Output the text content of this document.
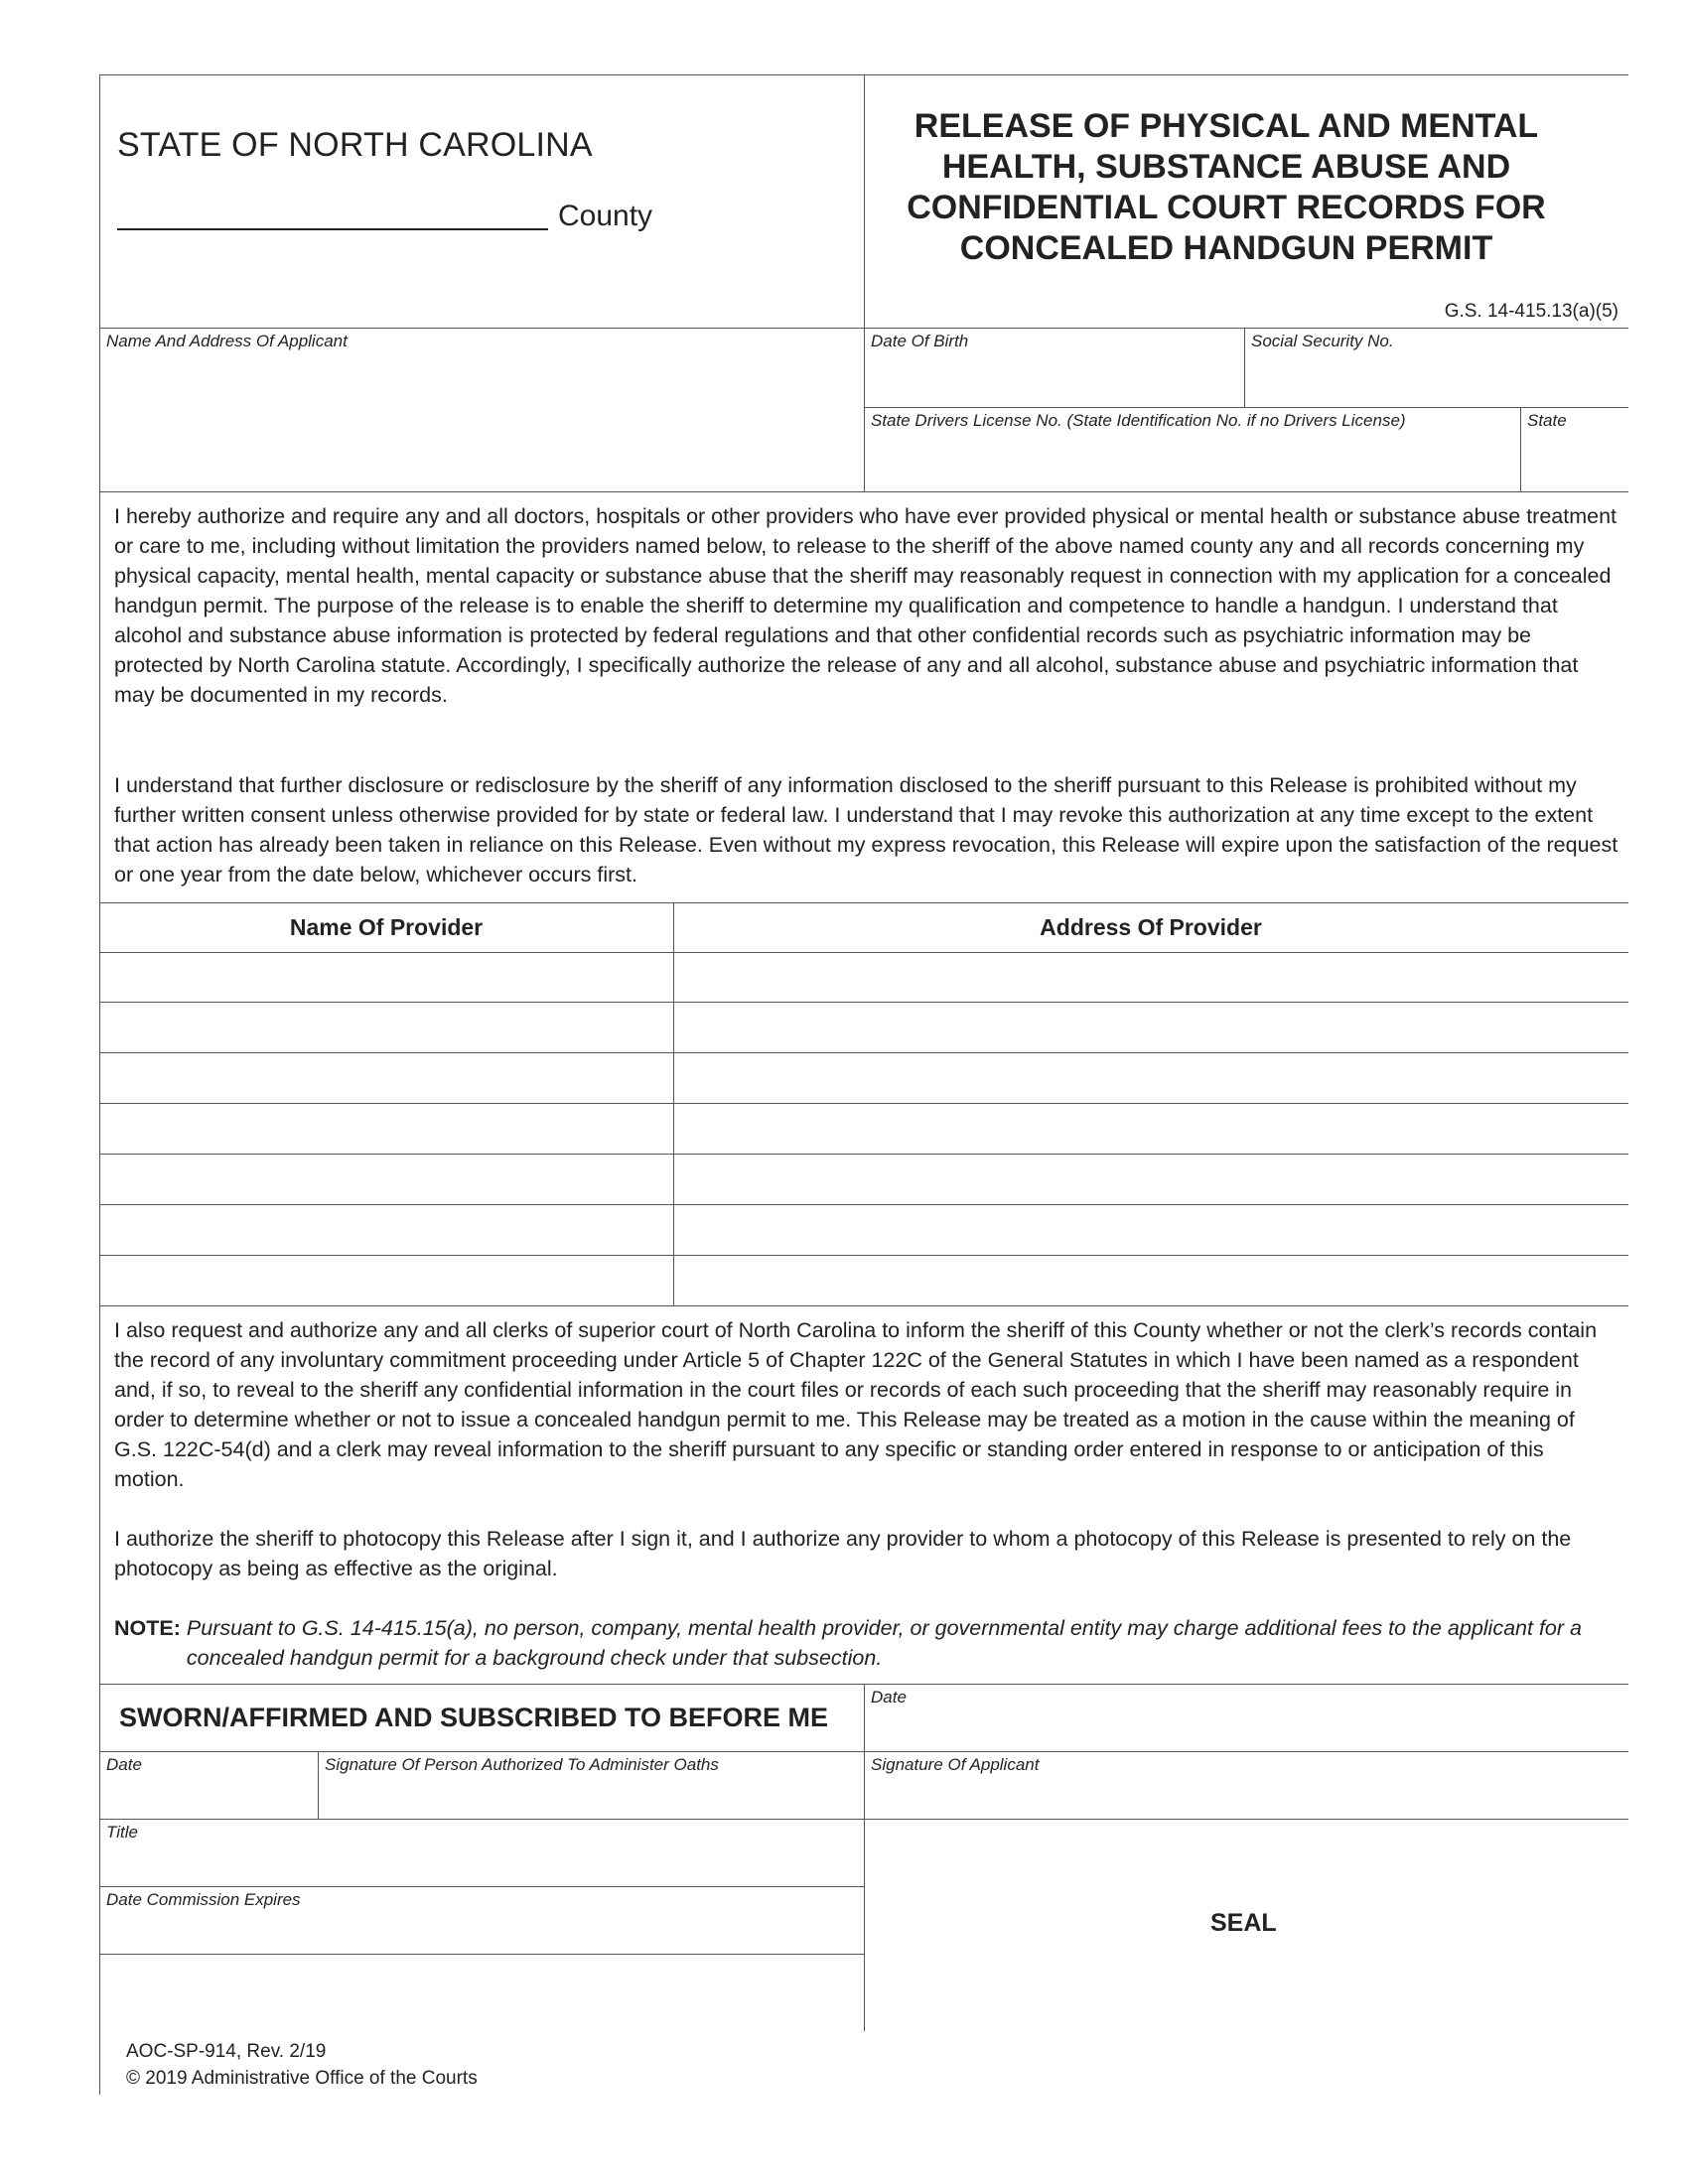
STATE OF NORTH CAROLINA
County
RELEASE OF PHYSICAL AND MENTAL HEALTH, SUBSTANCE ABUSE AND CONFIDENTIAL COURT RECORDS FOR CONCEALED HANDGUN PERMIT
G.S. 14-415.13(a)(5)
Name And Address Of Applicant	Date Of Birth	Social Security No.
State Drivers License No. (State Identification No. if no Drivers License)	State
I hereby authorize and require any and all doctors, hospitals or other providers who have ever provided physical or mental health or substance abuse treatment or care to me, including without limitation the providers named below, to release to the sheriff of the above named county any and all records concerning my physical capacity, mental health, mental capacity or substance abuse that the sheriff may reasonably request in connection with my application for a concealed handgun permit. The purpose of the release is to enable the sheriff to determine my qualification and competence to handle a handgun. I understand that alcohol and substance abuse information is protected by federal regulations and that other confidential records such as psychiatric information may be protected by North Carolina statute. Accordingly, I specifically authorize the release of any and all alcohol, substance abuse and psychiatric information that may be documented in my records.
I understand that further disclosure or redisclosure by the sheriff of any information disclosed to the sheriff pursuant to this Release is prohibited without my further written consent unless otherwise provided for by state or federal law. I understand that I may revoke this authorization at any time except to the extent that action has already been taken in reliance on this Release. Even without my express revocation, this Release will expire upon the satisfaction of the request or one year from the date below, whichever occurs first.
Name Of Provider	Address Of Provider
I also request and authorize any and all clerks of superior court of North Carolina to inform the sheriff of this County whether or not the clerk’s records contain the record of any involuntary commitment proceeding under Article 5 of Chapter 122C of the General Statutes in which I have been named as a respondent and, if so, to reveal to the sheriff any confidential information in the court files or records of each such proceeding that the sheriff may reasonably require in order to determine whether or not to issue a concealed handgun permit to me. This Release may be treated as a motion in the cause within the meaning of G.S. 122C-54(d) and a clerk may reveal information to the sheriff pursuant to any specific or standing order entered in response to or anticipation of this motion.
I authorize the sheriff to photocopy this Release after I sign it, and I authorize any provider to whom a photocopy of this Release is presented to rely on the photocopy as being as effective as the original.
NOTE: Pursuant to G.S. 14-415.15(a), no person, company, mental health provider, or governmental entity may charge additional fees to the applicant for a concealed handgun permit for a background check under that subsection.
SWORN/AFFIRMED AND SUBSCRIBED TO BEFORE ME
Date
Date	Signature Of Person Authorized To Administer Oaths	Signature Of Applicant
Title
Date Commission Expires
SEAL
AOC-SP-914, Rev. 2/19
© 2019 Administrative Office of the Courts
